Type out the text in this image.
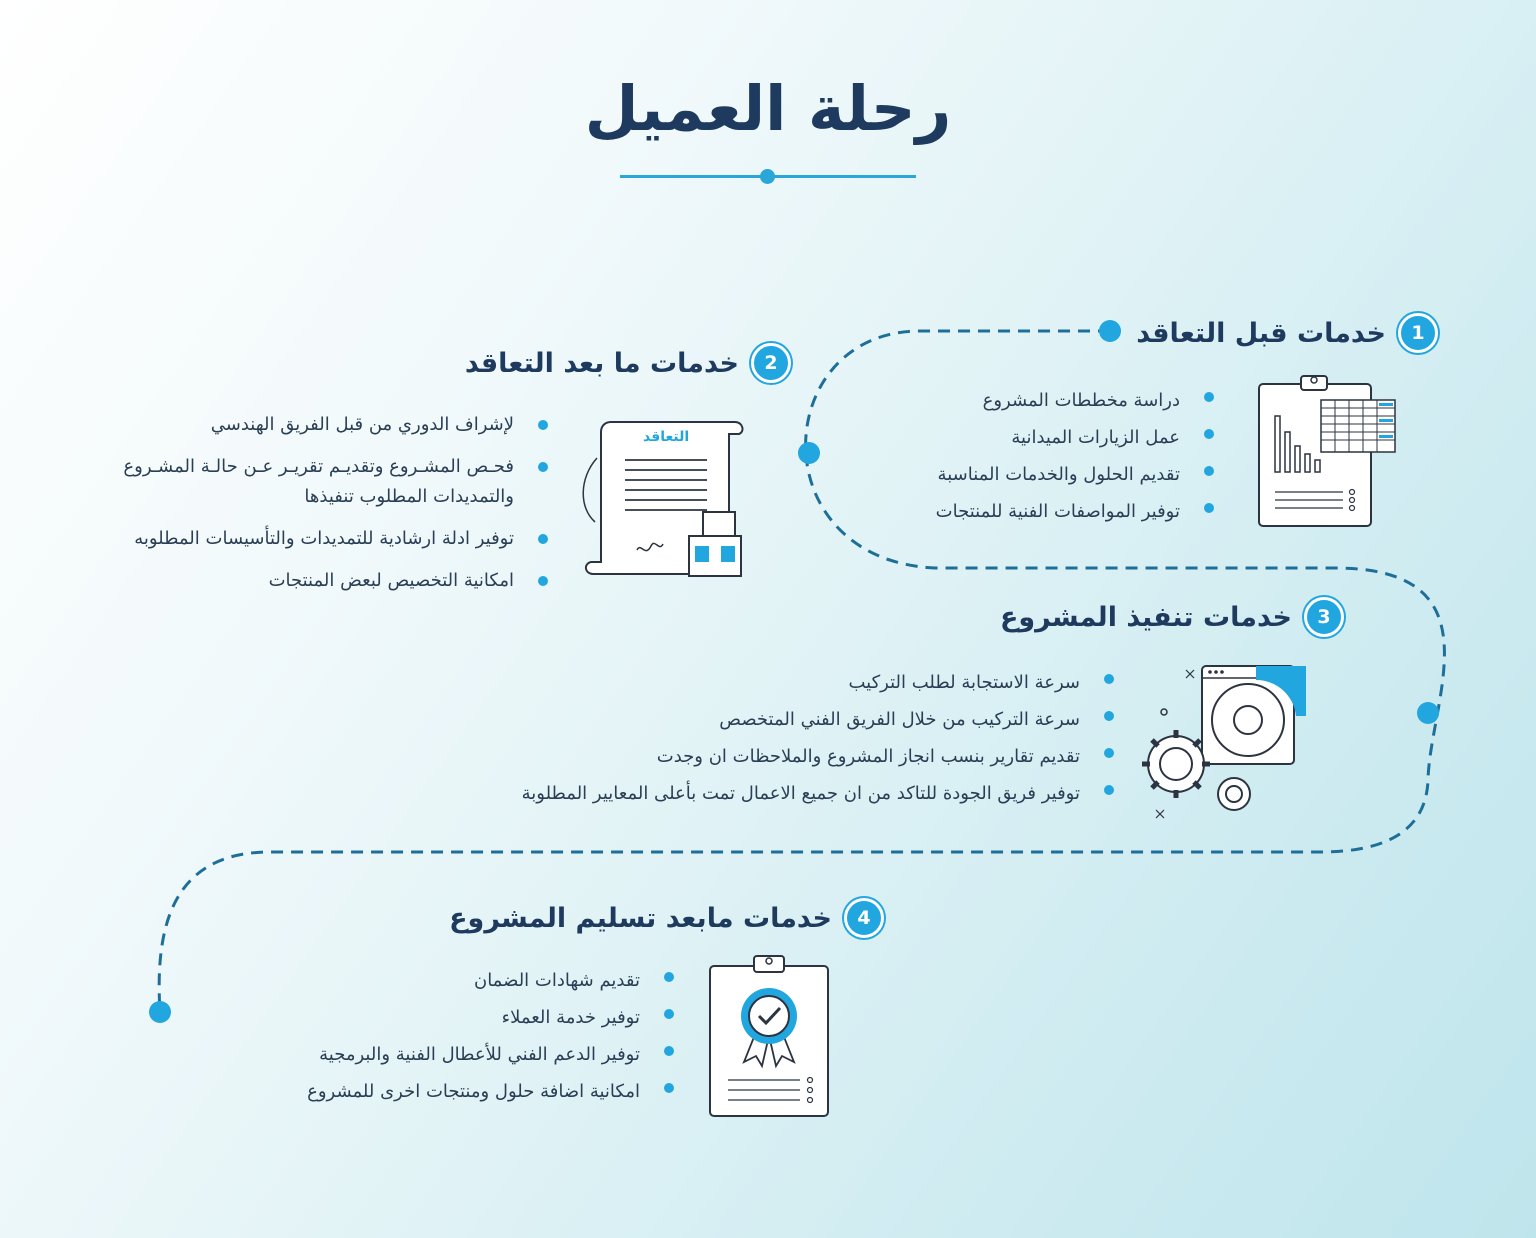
رحلة العميل
1
خدمات قبل التعاقد
دراسة مخططات المشروع
عمل الزيارات الميدانية
تقديم الحلول والخدمات المناسبة
توفير المواصفات الفنية للمنتجات
2
خدمات ما بعد التعاقد
لإشراف الدوري من قبل الفريق الهندسي
فحـص المشـروع وتقديـم تقريـر عـن حالـة المشـروع والتمديدات المطلوب تنفيذها
توفير ادلة ارشادية للتمديدات والتأسيسات المطلوبه
امكانية التخصيص لبعض المنتجات
التعاقد
3
خدمات تنفيذ المشروع
سرعة الاستجابة لطلب التركيب
سرعة التركيب من خلال الفريق الفني المتخصص
تقديم تقارير بنسب انجاز المشروع والملاحظات ان وجدت
توفير فريق الجودة للتاكد من ان جميع الاعمال تمت بأعلى المعايير المطلوبة
4
خدمات مابعد تسليم المشروع
تقديم شهادات الضمان
توفير خدمة العملاء
توفير الدعم الفني للأعطال الفنية والبرمجية
امكانية اضافة حلول ومنتجات اخرى للمشروع
